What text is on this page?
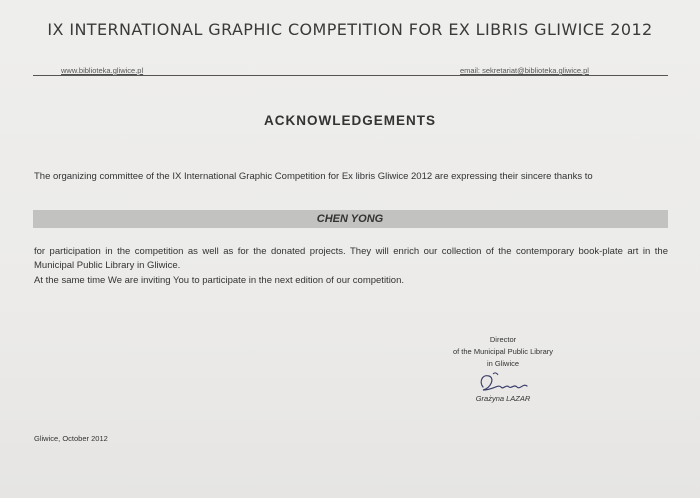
IX INTERNATIONAL GRAPHIC COMPETITION FOR EX LIBRIS GLIWICE 2012
www.biblioteka.gliwice.pl	email: sekretariat@biblioteka.gliwice.pl
ACKNOWLEDGEMENTS
The organizing committee of the IX International Graphic Competition for Ex libris Gliwice 2012 are expressing their sincere thanks to
CHEN YONG
for participation in the competition as well as for the donated projects. They will enrich our collection of the contemporary book-plate art in the Municipal Public Library in Gliwice.
At the same time We are inviting You to participate in the next edition of our competition.
Director
of the Municipal Public Library
in Gliwice
Grażyna LAZAR
Gliwice, October 2012
